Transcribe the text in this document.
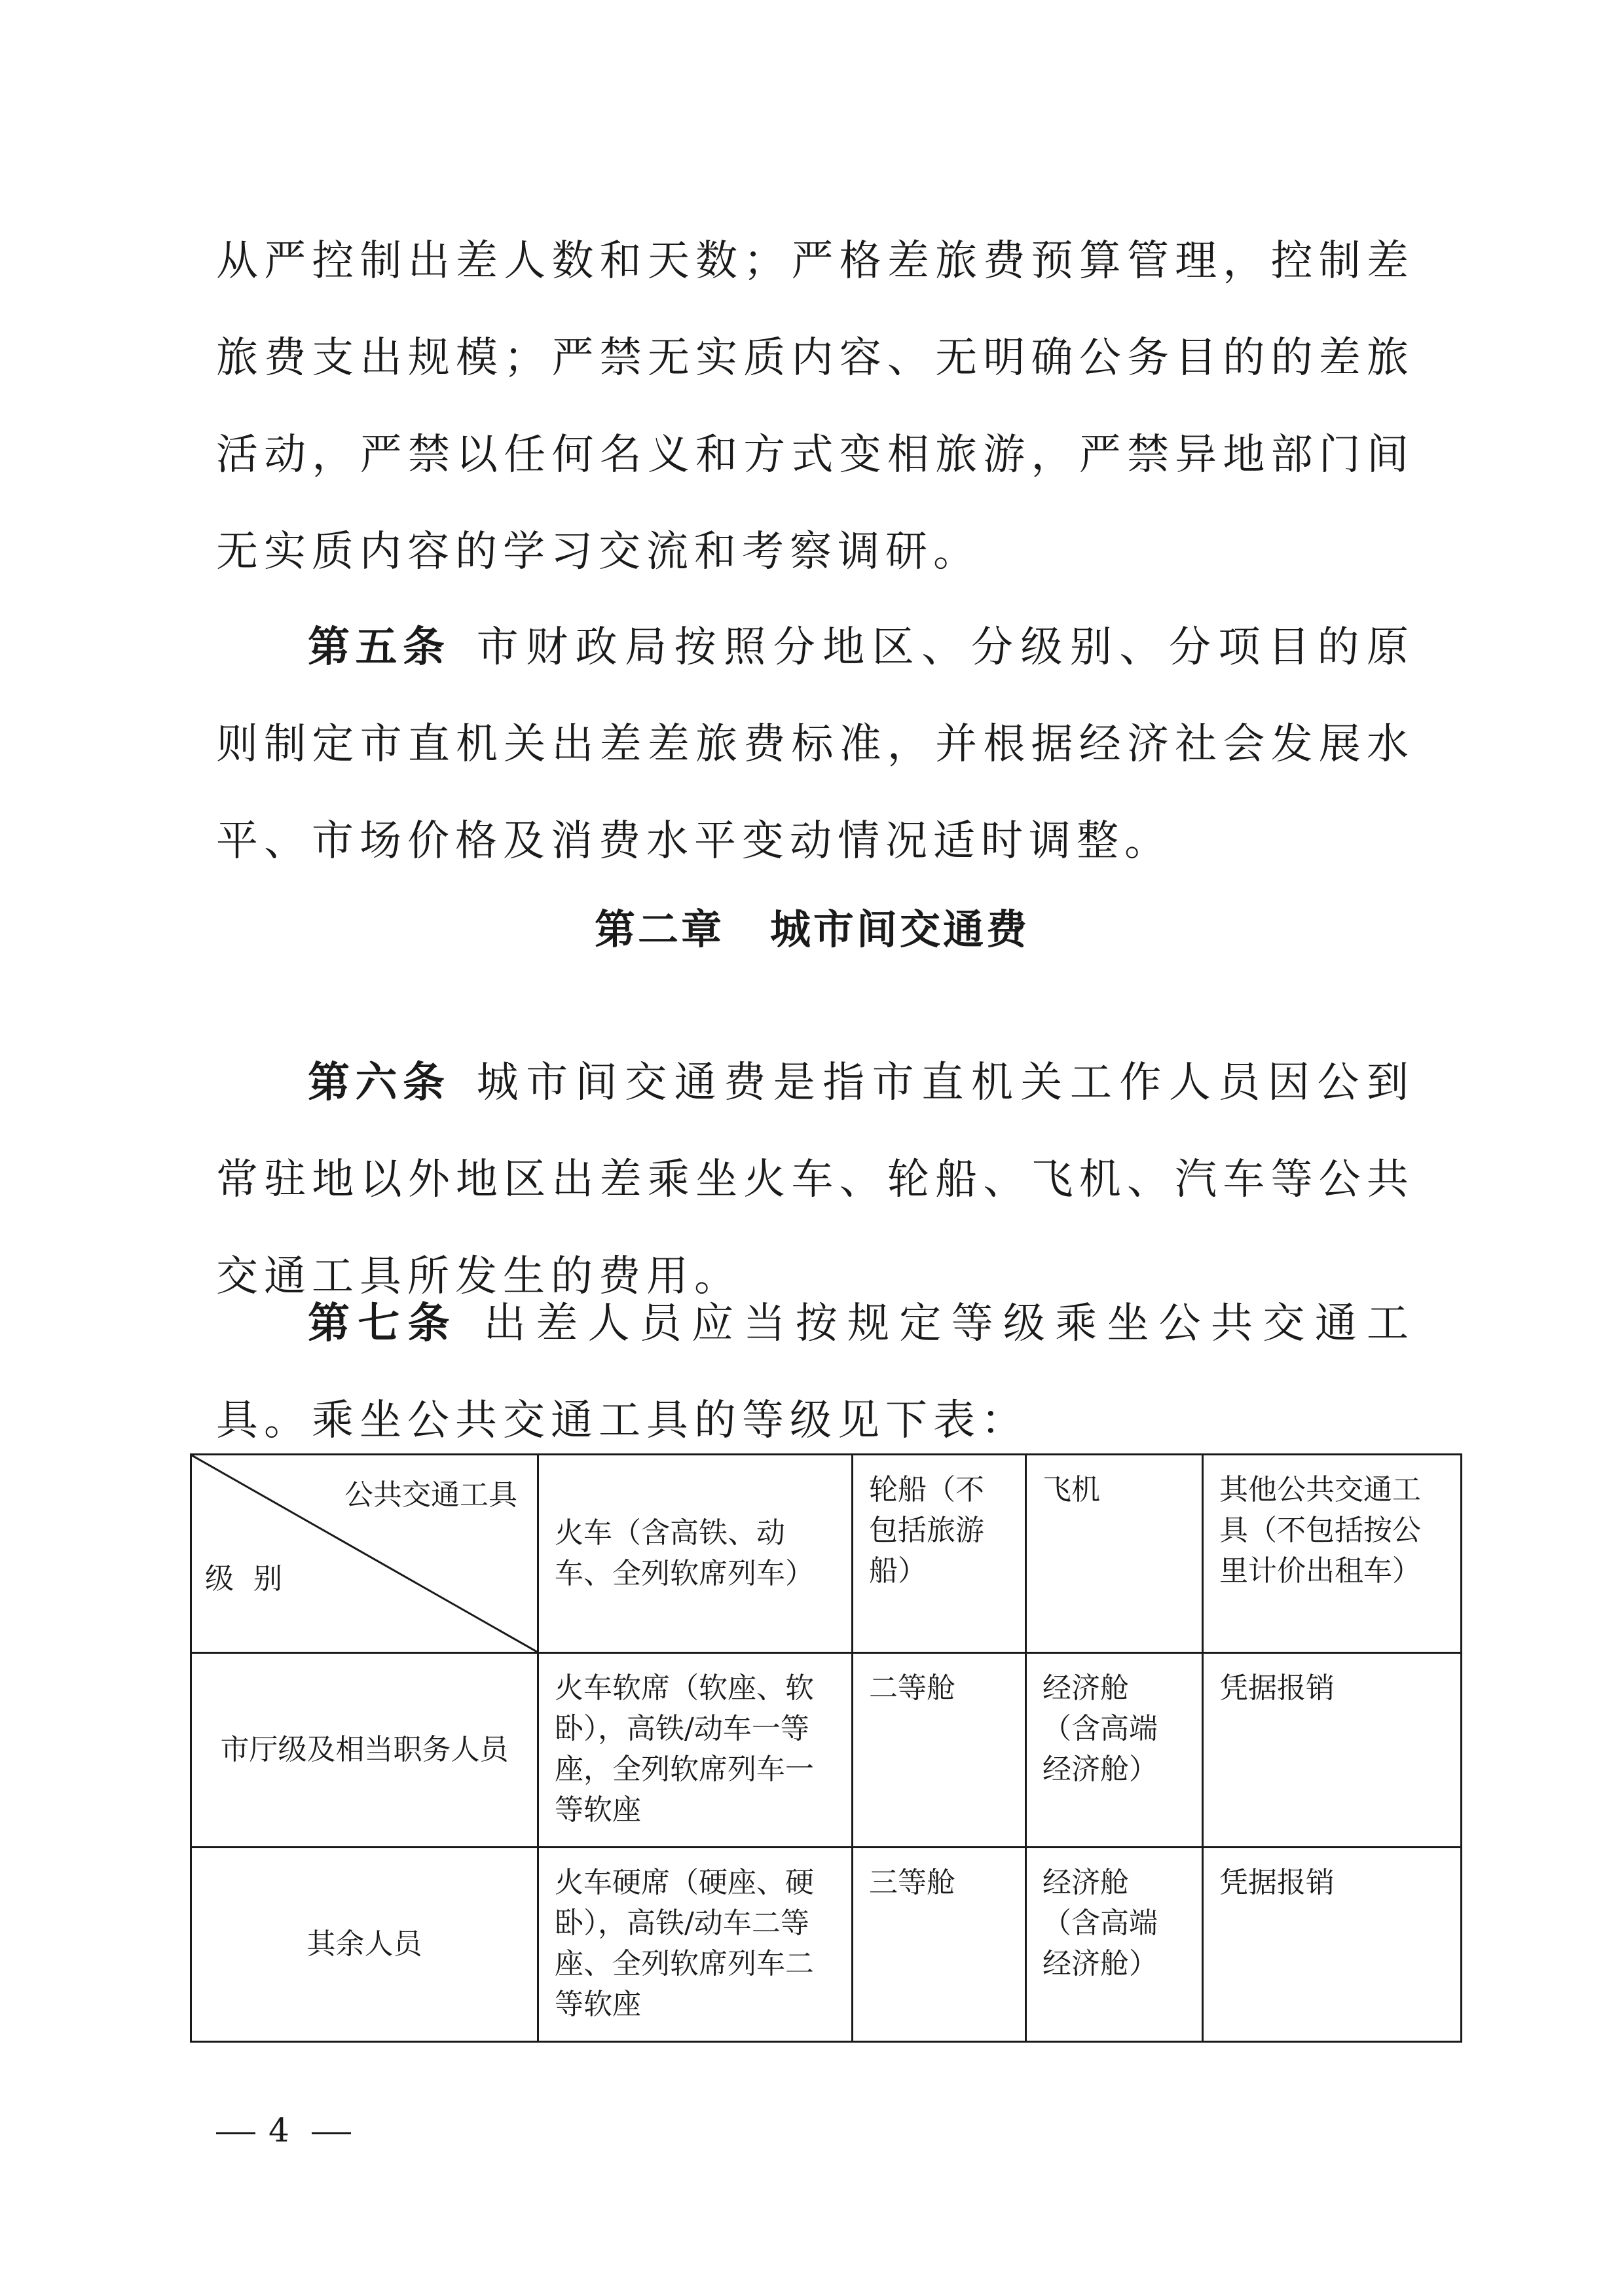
从严控制出差人数和天数；严格差旅费预算管理，控制差旅费支出规模；严禁无实质内容、无明确公务目的的差旅活动，严禁以任何名义和方式变相旅游，严禁异地部门间无实质内容的学习交流和考察调研。

第五条 市财政局按照分地区、分级别、分项目的原则制定市直机关出差差旅费标准，并根据经济社会发展水平、市场价格及消费水平变动情况适时调整。

第二章 城市间交通费

第六条 城市间交通费是指市直机关工作人员因公到常驻地以外地区出差乘坐火车、轮船、飞机、汽车等公共交通工具所发生的费用。

第七条 出差人员应当按规定等级乘坐公共交通工具。乘坐公共交通工具的等级见下表：

公共交通工具
级别	火车（含高铁、动车、全列软席列车）	轮船（不包括旅游船）	飞机	其他公共交通工具（不包括按公里计价出租车）
市厅级及相当职务人员	火车软席（软座、软卧），高铁/动车一等座，全列软席列车一等软座	二等舱	经济舱（含高端经济舱）	凭据报销
其余人员	火车硬席（硬座、硬卧），高铁/动车二等座、全列软席列车二等软座	三等舱	经济舱（含高端经济舱）	凭据报销
4
